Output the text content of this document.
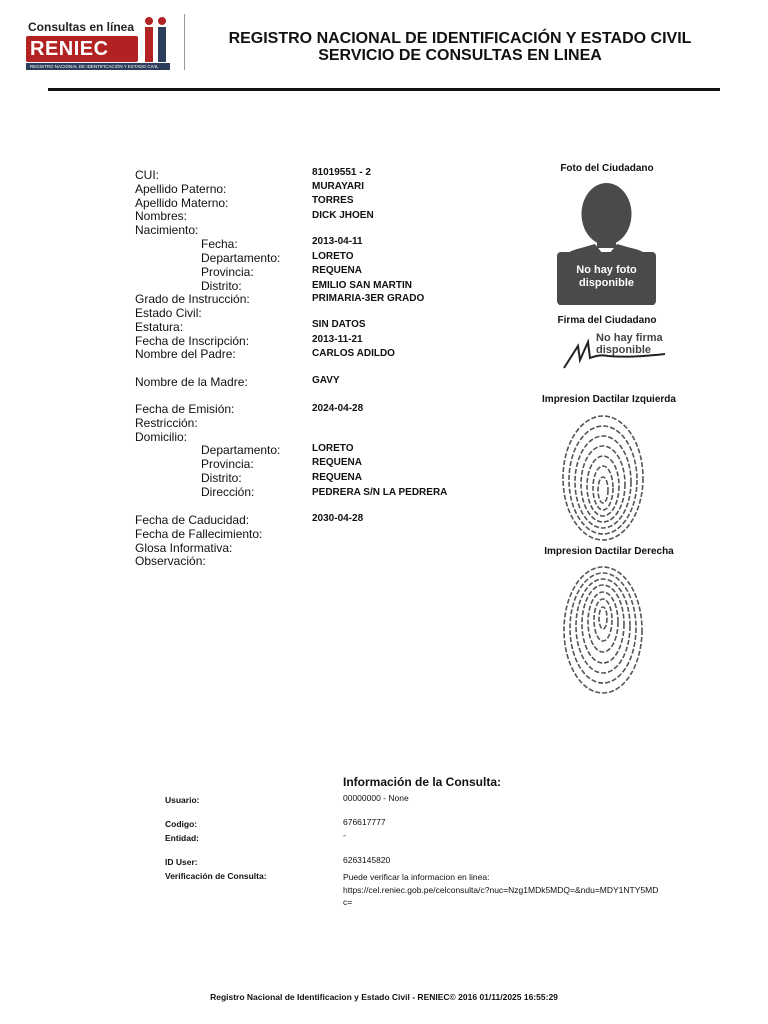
Consultas en línea
RENIEC
REGISTRO NACIONAL DE IDENTIFICACIÓN Y ESTADO CIVIL
REGISTRO NACIONAL DE IDENTIFICACIÓN Y ESTADO CIVIL
SERVICIO DE CONSULTAS EN LINEA
CUI:	81019551 - 2
Apellido Paterno:	MURAYARI
Apellido Materno:	TORRES
Nombres:	DICK JHOEN
Nacimiento:
Fecha:	2013-04-11
Departamento:	LORETO
Provincia:	REQUENA
Distrito:	EMILIO SAN MARTIN
Grado de Instrucción:	PRIMARIA-3ER GRADO
Estado Civil:
Estatura:	SIN DATOS
Fecha de Inscripción:	2013-11-21
Nombre del Padre:	CARLOS ADILDO
Nombre de la Madre:	GAVY
Fecha de Emisión:	2024-04-28
Restricción:
Domicilio:
Departamento:	LORETO
Provincia:	REQUENA
Distrito:	REQUENA
Dirección:	PEDRERA S/N LA PEDRERA
Fecha de Caducidad:	2030-04-28
Fecha de Fallecimiento:
Glosa Informativa:
Observación:
Foto del Ciudadano
No hay foto
disponible
Firma del Ciudadano
No hay firma
disponible
Impresion Dactilar Izquierda
Impresion Dactilar Derecha
Información de la Consulta:
Usuario:	00000000 - None
Codigo:	676617777
Entidad:	-
ID User:	6263145820
Verificación de Consulta:	Puede verificar la informacion en linea:
https://cel.reniec.gob.pe/celconsulta/c?nuc=Nzg1MDk5MDQ=&ndu=MDY1NTY5MD
c=
Registro Nacional de Identificacion y Estado Civil - RENIEC© 2016 01/11/2025 16:55:29
